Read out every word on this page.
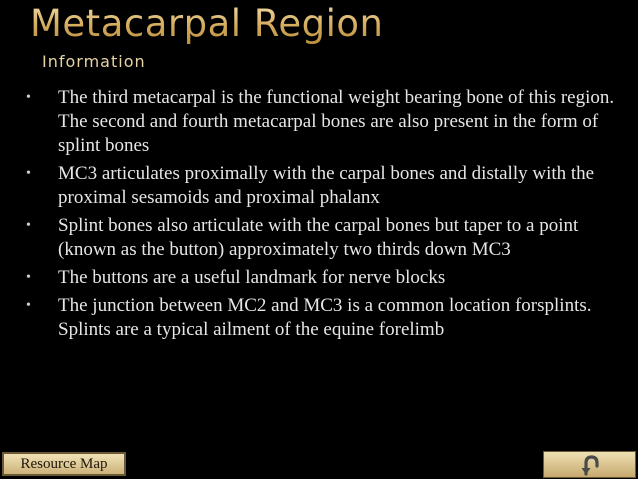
Metacarpal Region
Information
• The third metacarpal is the functional weight bearing bone of this region. The second and fourth metacarpal bones are also present in the form of splint bones
• MC3 articulates proximally with the carpal bones and distally with the proximal sesamoids and proximal phalanx
• Splint bones also articulate with the carpal bones but taper to a point (known as the button) approximately two thirds down MC3
• The buttons are a useful landmark for nerve blocks
• The junction between MC2 and MC3 is a common location forsplints. Splints are a typical ailment of the equine forelimb
Resource Map
